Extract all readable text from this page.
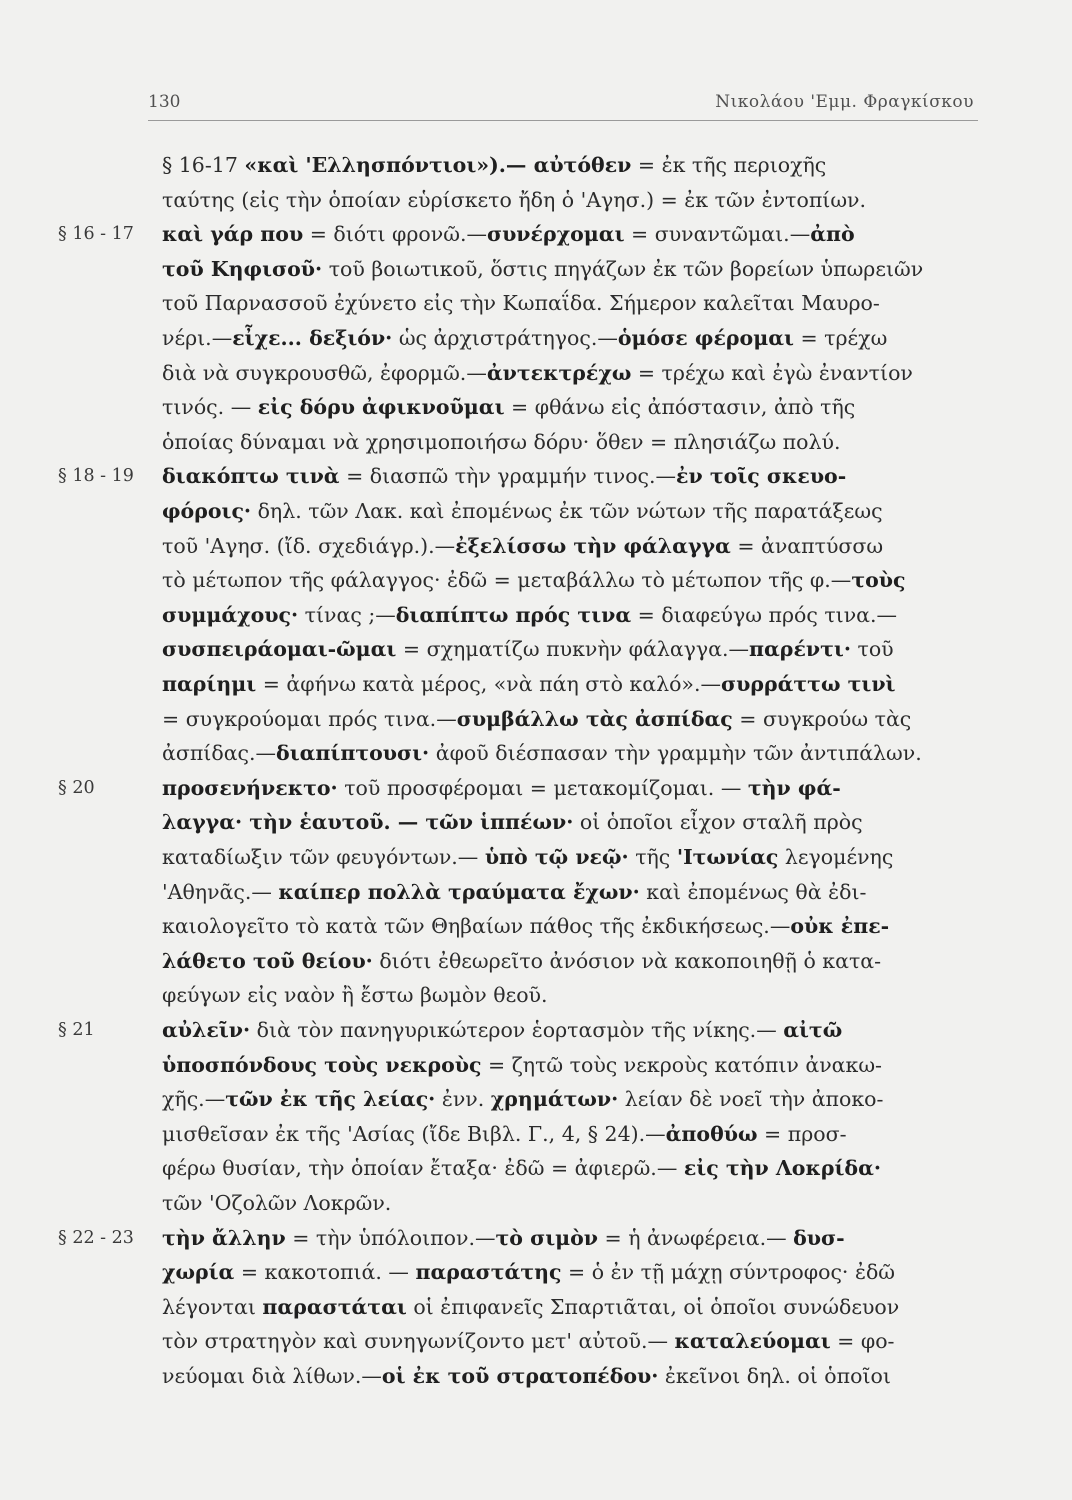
130	Νικολάου 'Εμμ. Φραγκίσκου
§ 16-17 «καὶ 'Ελλησπόντιοι»).— αὐτόθεν = ἐκ τῆς περιοχῆς
ταύτης (εἰς τὴν ὁποίαν εὑρίσκετο ἤδη ὁ 'Αγησ.) = ἐκ τῶν ἐντοπίων.
§ 16 - 17	καὶ γάρ που = διότι φρονῶ.—συνέρχομαι = συναντῶμαι.—ἀπὸ
τοῦ Κηφισοῦ· τοῦ βοιωτικοῦ, ὅστις πηγάζων ἐκ τῶν βορείων ὑπωρειῶν
τοῦ Παρνασσοῦ ἐχύνετο εἰς τὴν Κωπαΐδα. Σήμερον καλεῖται Μαυρο-
νέρι.—εἶχε... δεξιόν· ὡς ἀρχιστράτηγος.—ὁμόσε φέρομαι = τρέχω
διὰ νὰ συγκρουσθῶ, ἐφορμῶ.—ἀντεκτρέχω = τρέχω καὶ ἐγὼ ἐναντίον
τινός. — εἰς δόρυ ἀφικνοῦμαι = φθάνω εἰς ἀπόστασιν, ἀπὸ τῆς
ὁποίας δύναμαι νὰ χρησιμοποιήσω δόρυ· ὅθεν = πλησιάζω πολύ.
§ 18 - 19	διακόπτω τινὰ = διασπῶ τὴν γραμμήν τινος.—ἐν τοῖς σκευο-
φόροις· δηλ. τῶν Λακ. καὶ ἐπομένως ἐκ τῶν νώτων τῆς παρατάξεως
τοῦ 'Αγησ. (ἴδ. σχεδιάγρ.).—ἐξελίσσω τὴν φάλαγγα = ἀναπτύσσω
τὸ μέτωπον τῆς φάλαγγος· ἐδῶ = μεταβάλλω τὸ μέτωπον τῆς φ.—τοὺς
συμμάχους· τίνας ;—διαπίπτω πρός τινα = διαφεύγω πρός τινα.—
συσπειράομαι-ῶμαι = σχηματίζω πυκνὴν φάλαγγα.—παρέντι· τοῦ
παρίημι = ἀφήνω κατὰ μέρος, «νὰ πάη στὸ καλό».—συρράττω τινὶ
= συγκρούομαι πρός τινα.—συμβάλλω τὰς ἀσπίδας = συγκρούω τὰς
ἀσπίδας.—διαπίπτουσι· ἀφοῦ διέσπασαν τὴν γραμμὴν τῶν ἀντιπάλων.
§ 20	προσενήνεκτο· τοῦ προσφέρομαι = μετακομίζομαι. — τὴν φά-
λαγγα· τὴν ἑαυτοῦ. — τῶν ἱππέων· οἱ ὁποῖοι εἶχον σταλῆ πρὸς
καταδίωξιν τῶν φευγόντων.— ὑπὸ τῷ νεῷ· τῆς 'Ιτωνίας λεγομένης
'Αθηνᾶς.— καίπερ πολλὰ τραύματα ἔχων· καὶ ἐπομένως θὰ ἐδι-
καιολογεῖτο τὸ κατὰ τῶν Θηβαίων πάθος τῆς ἐκδικήσεως.—οὐκ ἐπε-
λάθετο τοῦ θείου· διότι ἐθεωρεῖτο ἀνόσιον νὰ κακοποιηθῇ ὁ κατα-
φεύγων εἰς ναὸν ἢ ἔστω βωμὸν θεοῦ.
§ 21	αὐλεῖν· διὰ τὸν πανηγυρικώτερον ἑορτασμὸν τῆς νίκης.— αἰτῶ
ὑποσπόνδους τοὺς νεκροὺς = ζητῶ τοὺς νεκροὺς κατόπιν ἀνακω-
χῆς.—τῶν ἐκ τῆς λείας· ἐνν. χρημάτων· λείαν δὲ νοεῖ τὴν ἀποκο-
μισθεῖσαν ἐκ τῆς 'Ασίας (ἴδε Βιβλ. Γ., 4, § 24).—ἀποθύω = προσ-
φέρω θυσίαν, τὴν ὁποίαν ἔταξα· ἐδῶ = ἀφιερῶ.— εἰς τὴν Λοκρίδα·
τῶν 'Οζολῶν Λοκρῶν.
§ 22 - 23	τὴν ἄλλην = τὴν ὑπόλοιπον.—τὸ σιμὸν = ἡ ἀνωφέρεια.— δυσ-
χωρία = κακοτοπιά. — παραστάτης = ὁ ἐν τῇ μάχῃ σύντροφος· ἐδῶ
λέγονται παραστάται οἱ ἐπιφανεῖς Σπαρτιᾶται, οἱ ὁποῖοι συνώδευον
τὸν στρατηγὸν καὶ συνηγωνίζοντο μετ' αὐτοῦ.— καταλεύομαι = φο-
νεύομαι διὰ λίθων.—οἱ ἐκ τοῦ στρατοπέδου· ἐκεῖνοι δηλ. οἱ ὁποῖοι
